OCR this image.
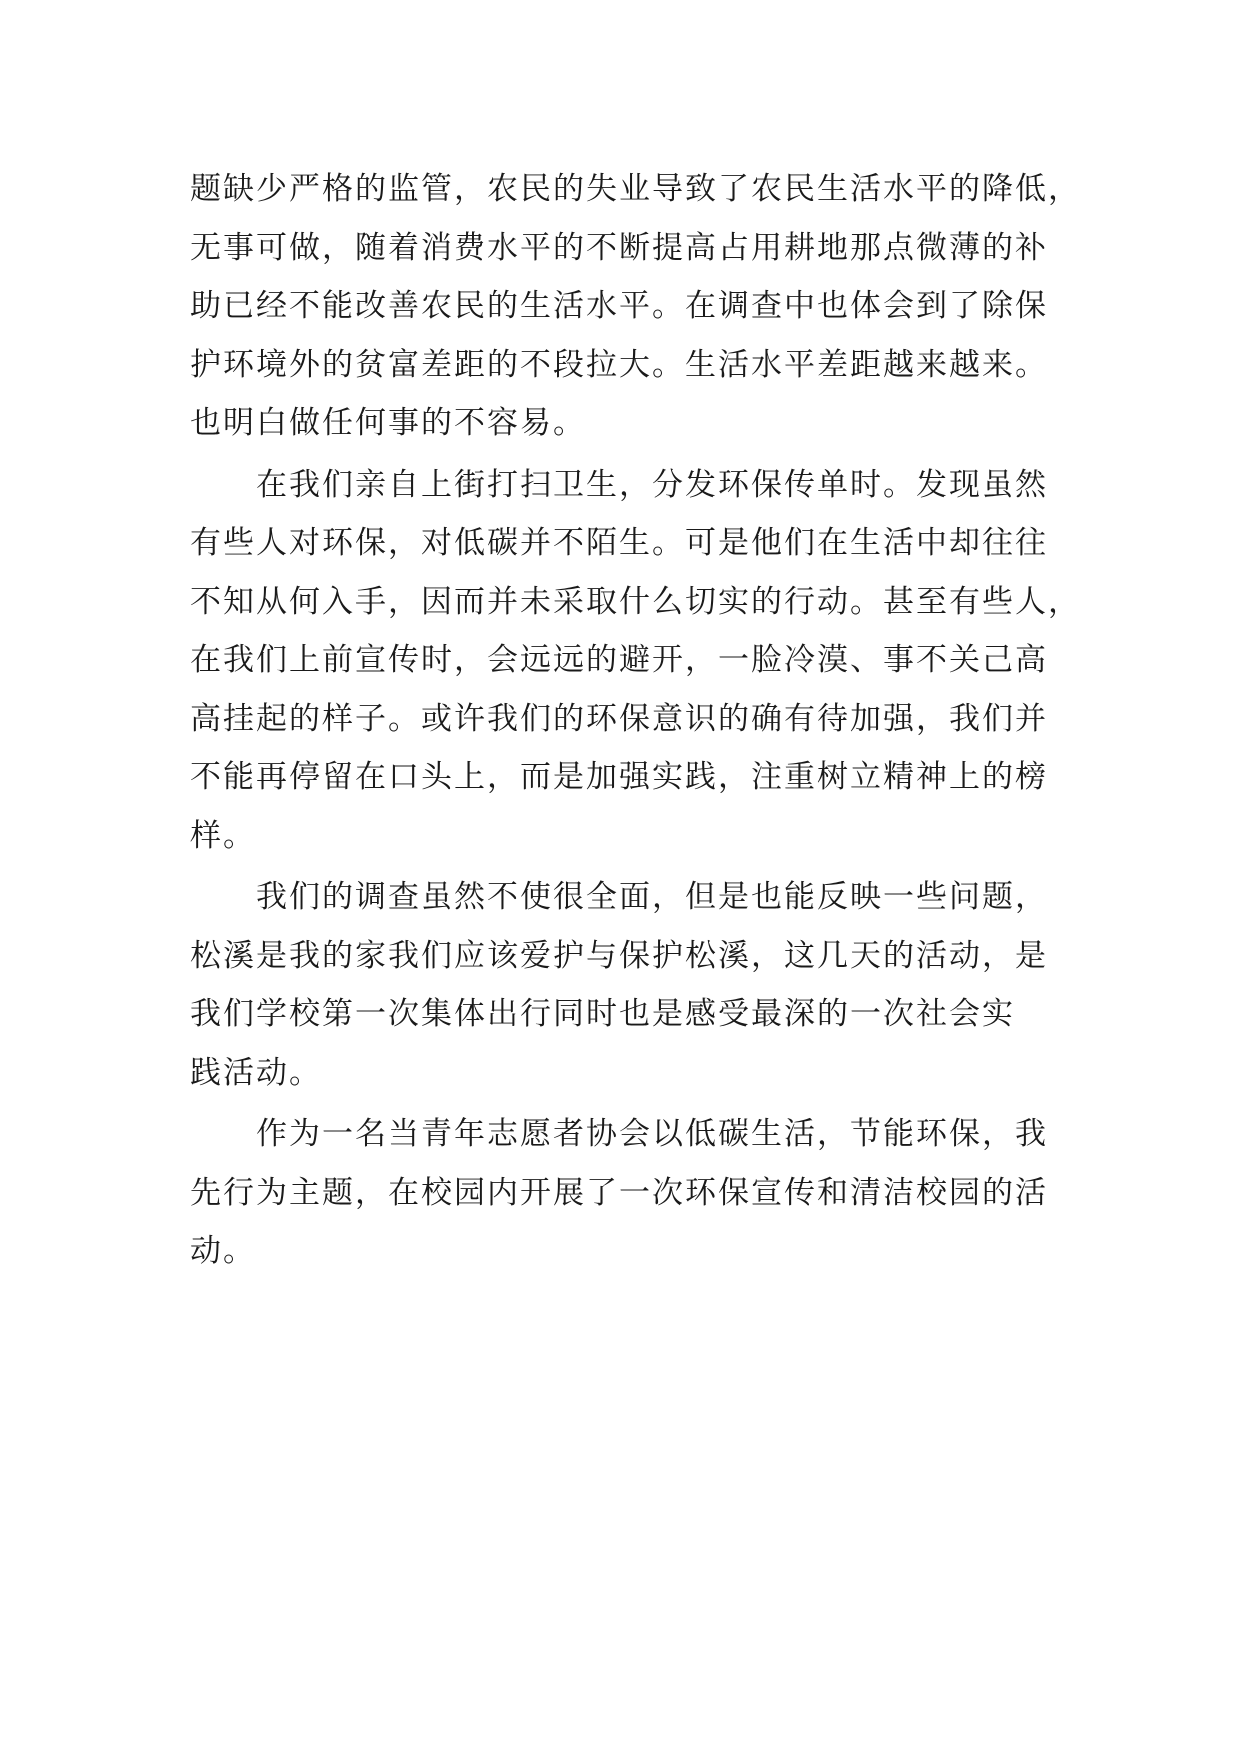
题缺少严格的监管，农民的失业导致了农民生活水平的降低，
无事可做，随着消费水平的不断提高占用耕地那点微薄的补
助已经不能改善农民的生活水平。在调查中也体会到了除保
护环境外的贫富差距的不段拉大。生活水平差距越来越来。
也明白做任何事的不容易。
　　在我们亲自上街打扫卫生，分发环保传单时。发现虽然
有些人对环保，对低碳并不陌生。可是他们在生活中却往往
不知从何入手，因而并未采取什么切实的行动。甚至有些人，
在我们上前宣传时，会远远的避开，一脸冷漠、事不关己高
高挂起的样子。或许我们的环保意识的确有待加强，我们并
不能再停留在口头上，而是加强实践，注重树立精神上的榜
样。
　　我们的调查虽然不使很全面，但是也能反映一些问题，
松溪是我的家我们应该爱护与保护松溪，这几天的活动，是
我们学校第一次集体出行同时也是感受最深的一次社会实
践活动。
　　作为一名当青年志愿者协会以低碳生活，节能环保，我
先行为主题，在校园内开展了一次环保宣传和清洁校园的活
动。
